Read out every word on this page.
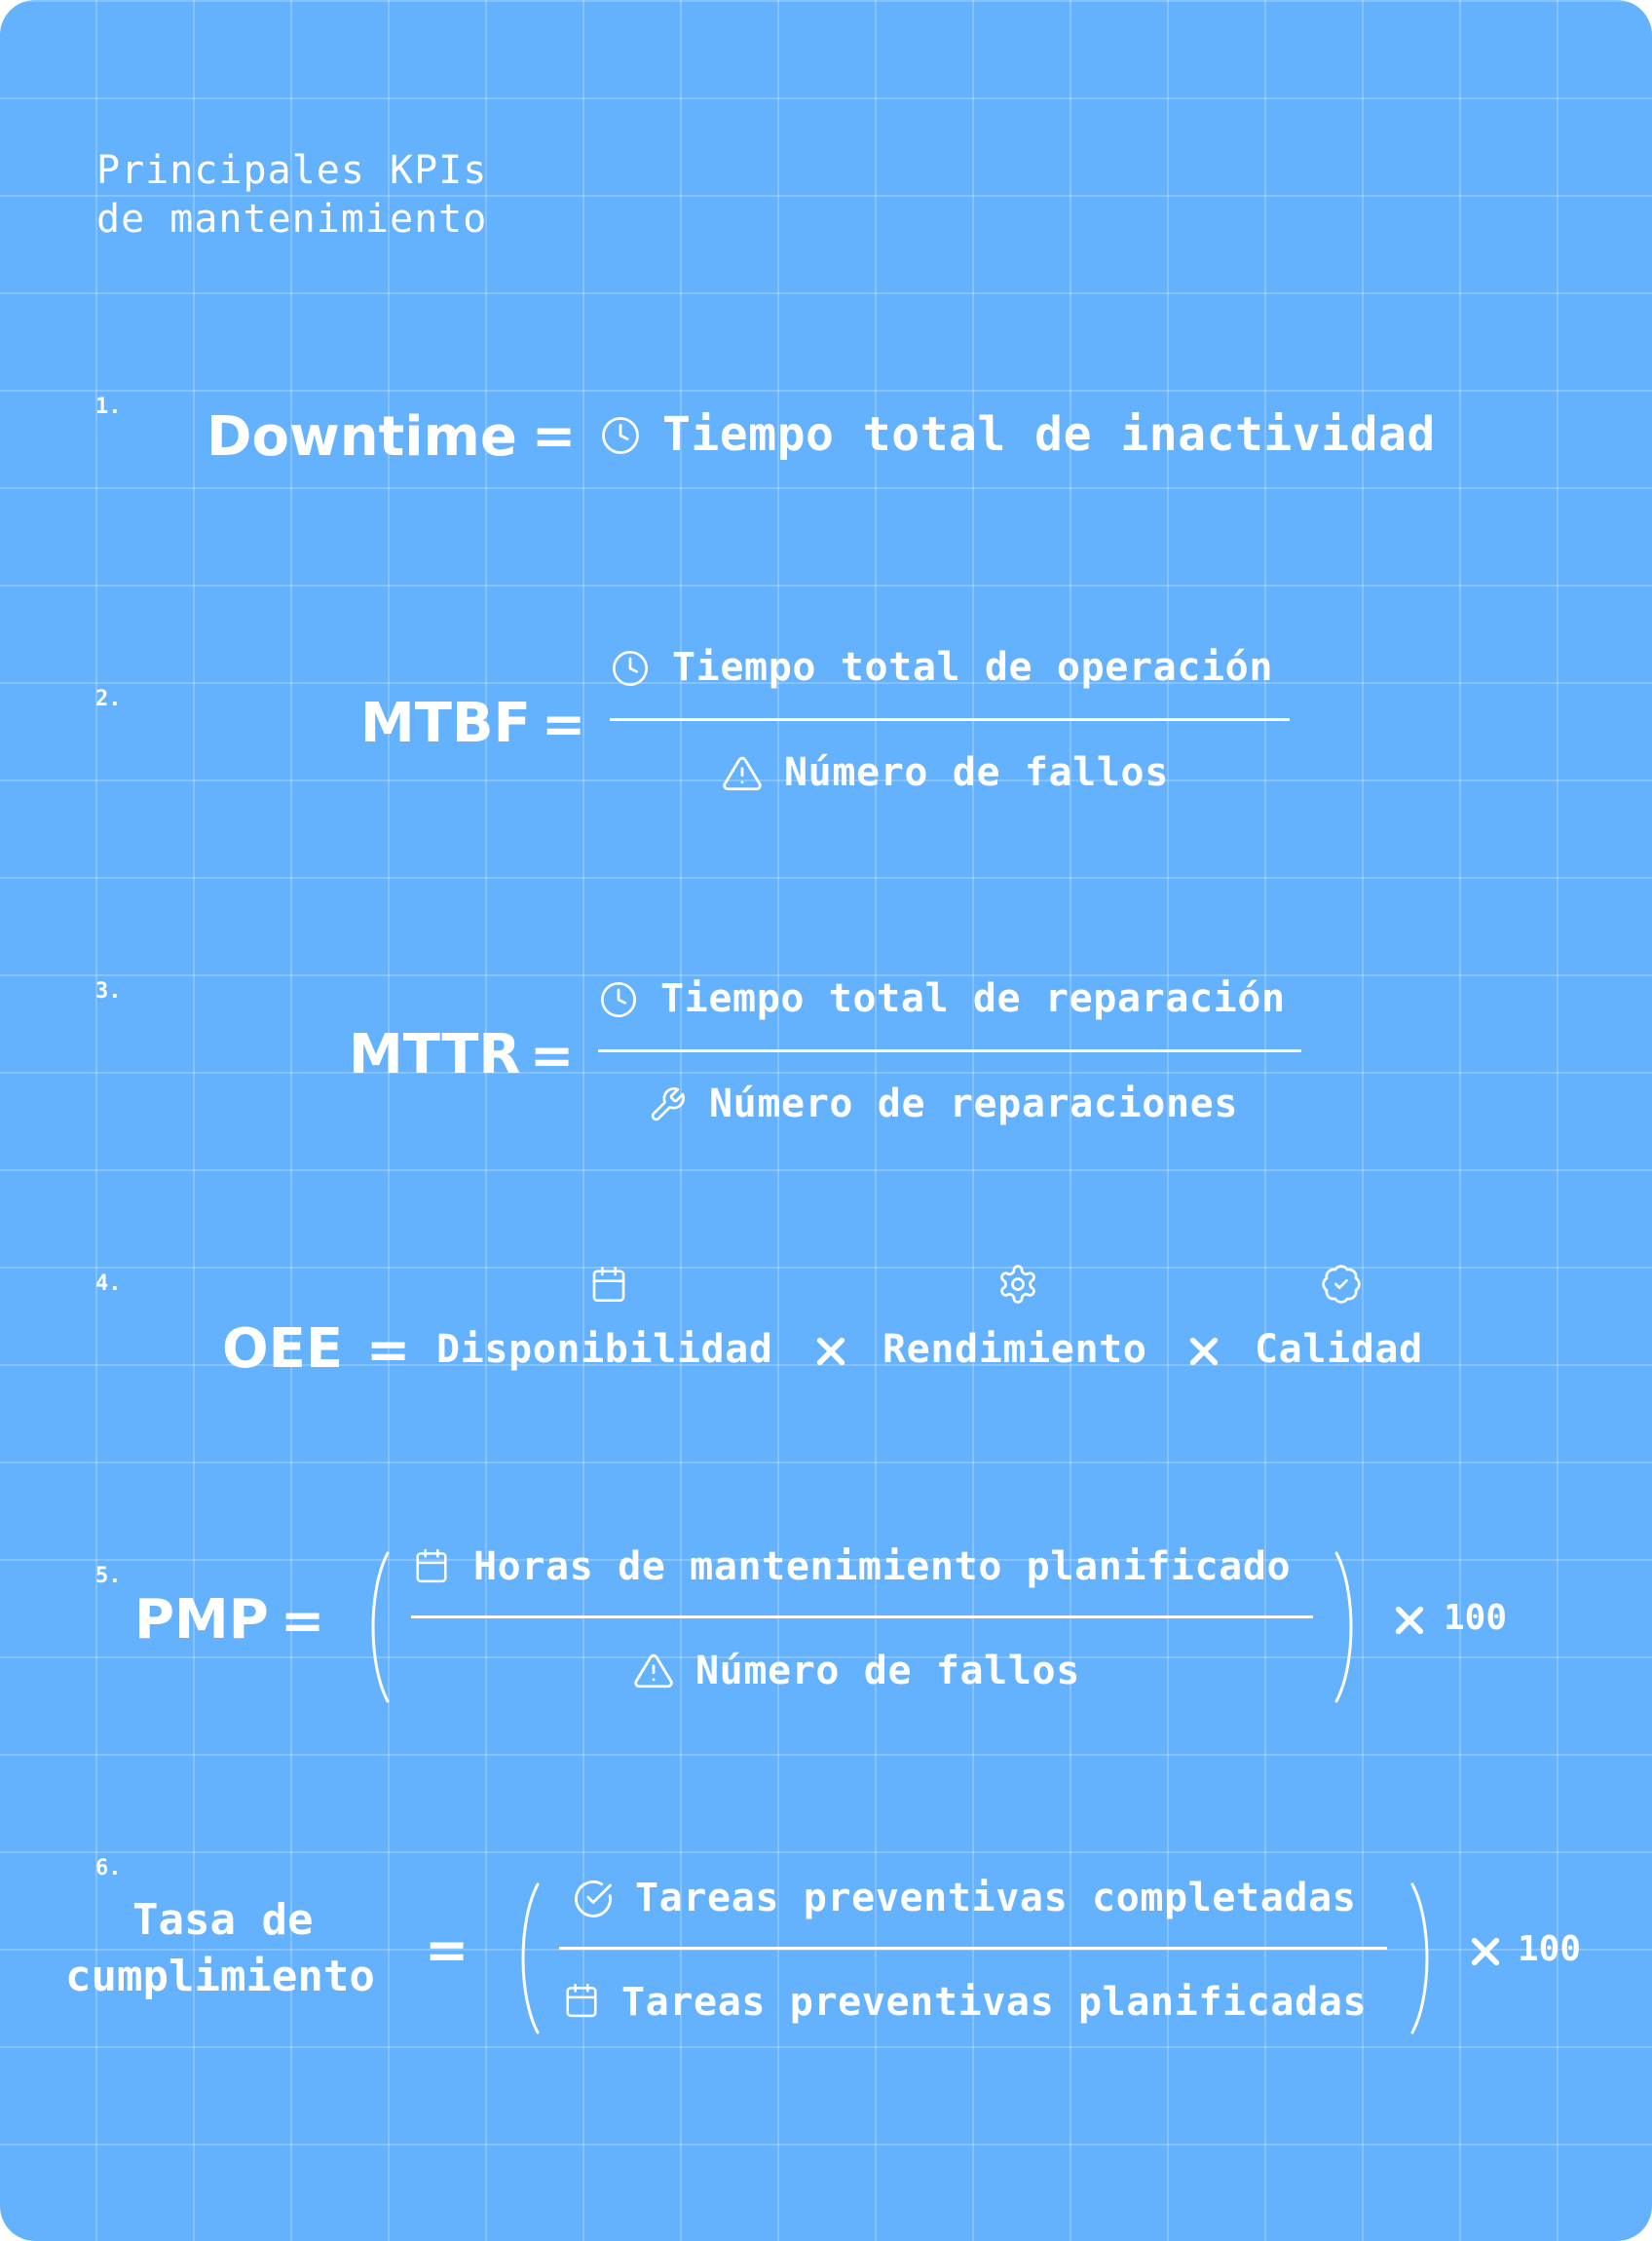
Principales KPIs
de mantenimiento
1. Downtime = Tiempo total de inactividad
2.	MTBF =
Tiempo total de operación
Número de fallos
3.
MTTR =
Tiempo total de reparación
Número de reparaciones
4.
OEE = Disponibilidad	Rendimiento	Calidad
5.
PMP =
Horas de mantenimiento planificado
Número de fallos
100
6.
Tasa de
cumplimiento =
Tareas preventivas completadas
Tareas preventivas planificadas
100
